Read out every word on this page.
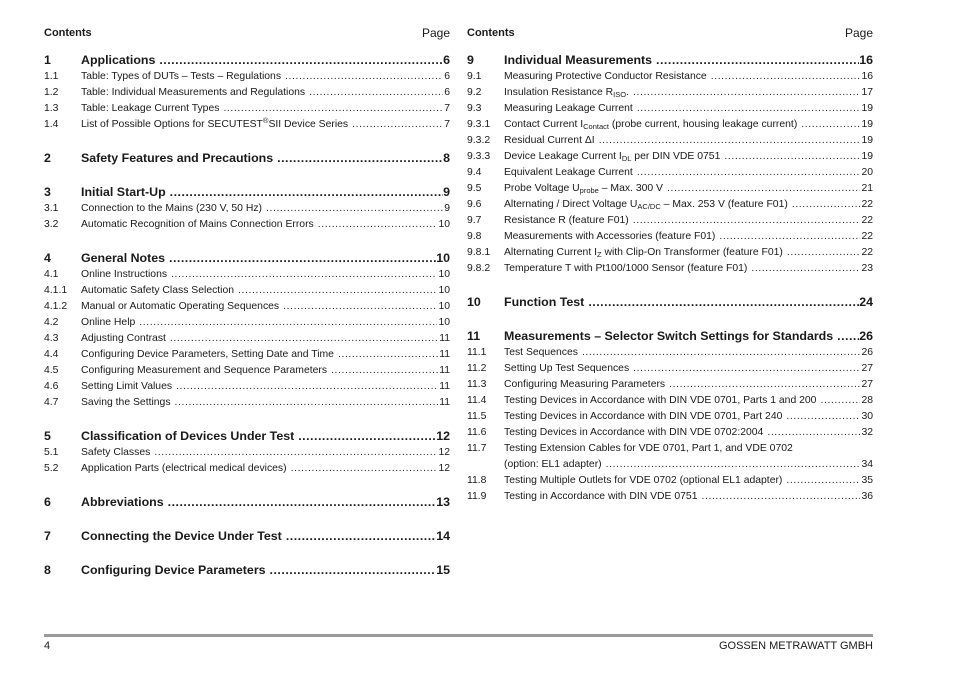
Contents	Page
1	Applications .....	6
1.1	Table: Types of DUTs – Tests – Regulations .....	6
1.2	Table: Individual Measurements and Regulations .....	6
1.3	Table: Leakage Current Types .....	7
1.4	List of Possible Options for SECUTEST®SII Device Series .....	7
2	Safety Features and Precautions .....	8
3	Initial Start-Up .....	9
3.1	Connection to the Mains (230 V, 50 Hz) .....	9
3.2	Automatic Recognition of Mains Connection Errors .....	10
4	General Notes .....	10
4.1	Online Instructions .....	10
4.1.1	Automatic Safety Class Selection .....	10
4.1.2	Manual or Automatic Operating Sequences .....	10
4.2	Online Help .....	10
4.3	Adjusting Contrast .....	11
4.4	Configuring Device Parameters, Setting Date and Time .....	11
4.5	Configuring Measurement and Sequence Parameters .....	11
4.6	Setting Limit Values .....	11
4.7	Saving the Settings .....	11
5	Classification of Devices Under Test .....	12
5.1	Safety Classes .....	12
5.2	Application Parts (electrical medical devices) .....	12
6	Abbreviations .....	13
7	Connecting the Device Under Test .....	14
8	Configuring Device Parameters .....	15
Contents	Page
9	Individual Measurements .....	16
9.1	Measuring Protective Conductor Resistance .....	16
9.2	Insulation Resistance $R_{ISO}$. .....	17
9.3	Measuring Leakage Current .....	19
9.3.1	Contact Current $I_{Contact}$ (probe current, housing leakage current) .....	19
9.3.2	Residual Current ΔI .....	19
9.3.3	Device Leakage Current $I_{DL}$ per DIN VDE 0751 .....	19
9.4	Equivalent Leakage Current .....	20
9.5	Probe Voltage $U_{probe}$ – Max. 300 V .....	21
9.6	Alternating / Direct Voltage $U_{AC/DC}$ – Max. 253 V (feature F01) .....	22
9.7	Resistance R (feature F01) .....	22
9.8	Measurements with Accessories (feature F01) .....	22
9.8.1	Alternating Current $I_Z$ with Clip-On Transformer (feature F01) .....	22
9.8.2	Temperature T with Pt100/1000 Sensor (feature F01) .....	23
10	Function Test .....	24
11	Measurements – Selector Switch Settings for Standards ..... 26
11.1	Test Sequences .....	26
11.2	Setting Up Test Sequences .....	27
11.3	Configuring Measuring Parameters .....	27
11.4	Testing Devices in Accordance with DIN VDE 0701, Parts 1 and 200 .....	28
11.5	Testing Devices in Accordance with DIN VDE 0701, Part 240 .....	30
11.6	Testing Devices in Accordance with DIN VDE 0702:2004 .....	32
11.7	Testing Extension Cables for VDE 0701, Part 1, and VDE 0702
(option: EL1 adapter) .....	34
11.8	Testing Multiple Outlets for VDE 0702 (optional EL1 adapter) .....	35
11.9	Testing in Accordance with DIN VDE 0751 .....	36
4	GOSSEN METRAWATT GMBH
